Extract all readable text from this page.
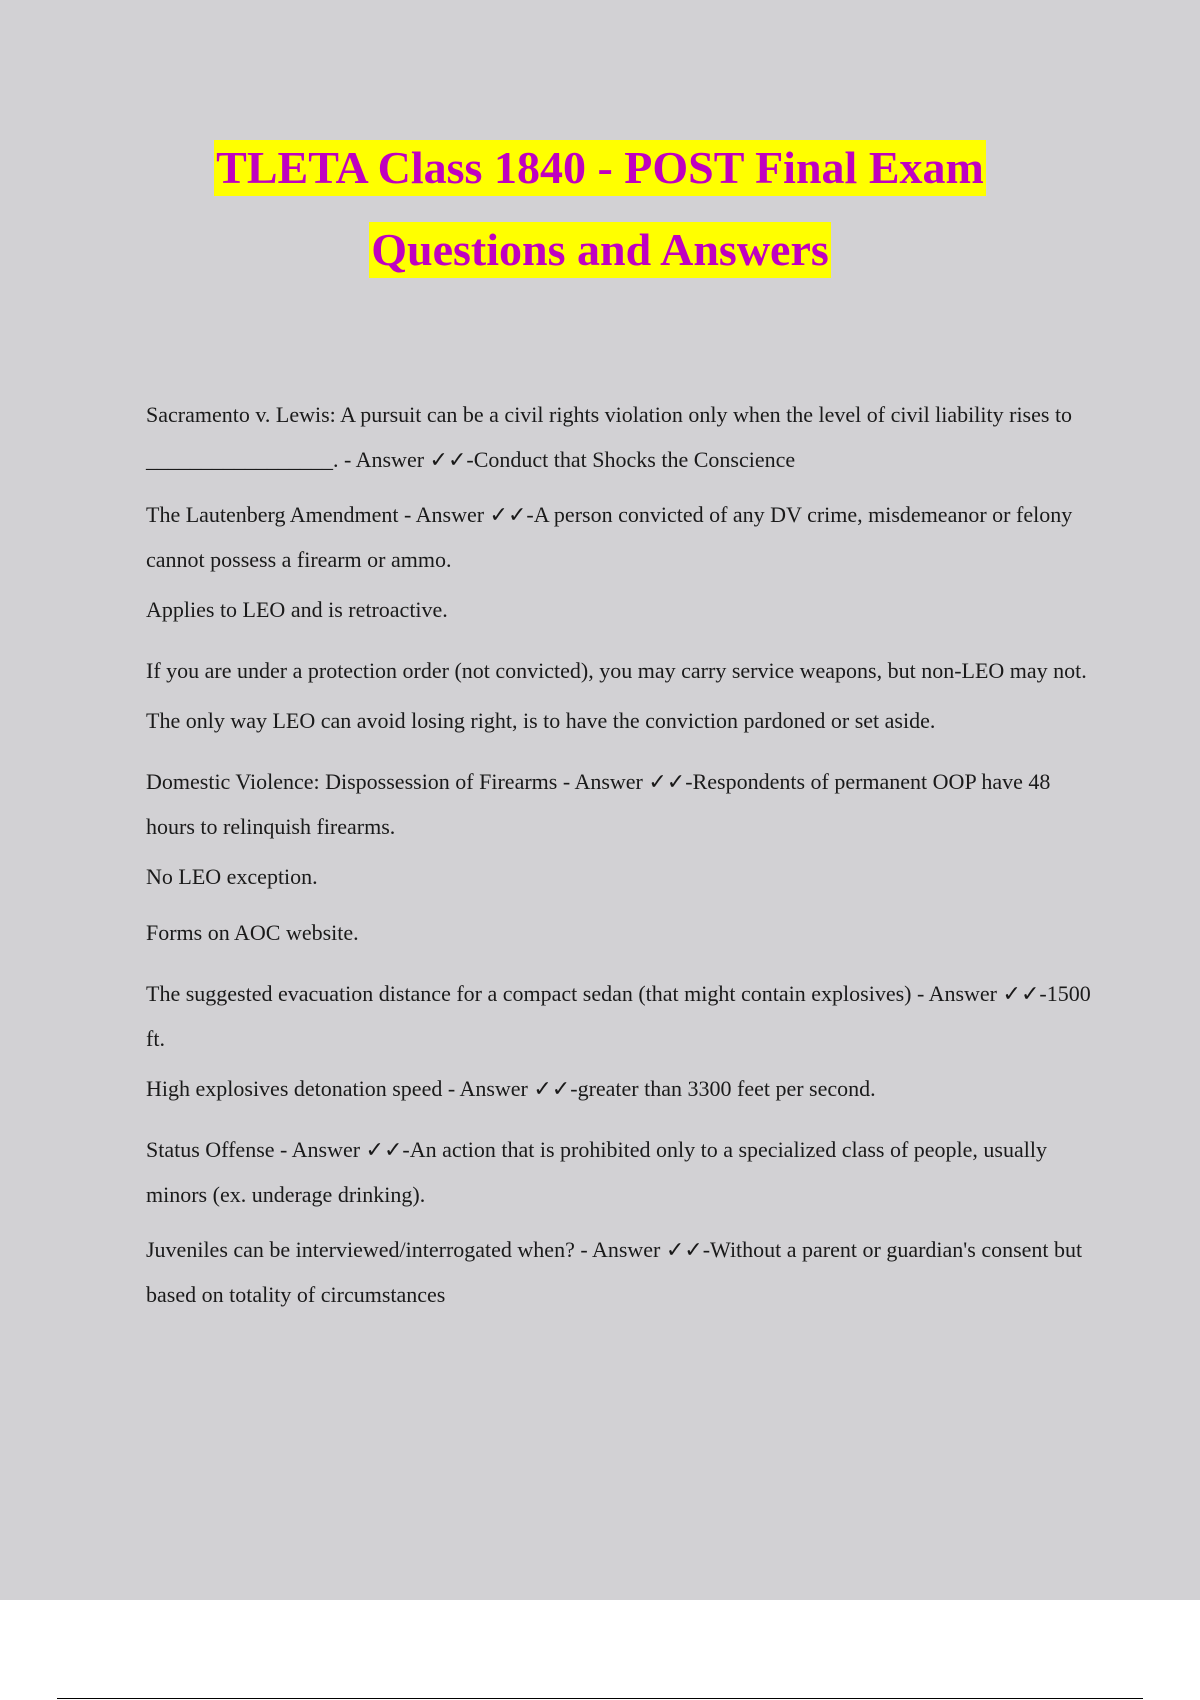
TLETA Class 1840 - POST Final Exam
Questions and Answers

Sacramento v. Lewis: A pursuit can be a civil rights violation only when the level of civil liability rises to _________________. - Answer ✓✓-Conduct that Shocks the Conscience

The Lautenberg Amendment - Answer ✓✓-A person convicted of any DV crime, misdemeanor or felony cannot possess a firearm or ammo.

Applies to LEO and is retroactive.

If you are under a protection order (not convicted), you may carry service weapons, but non-LEO may not.

The only way LEO can avoid losing right, is to have the conviction pardoned or set aside.

Domestic Violence: Dispossession of Firearms - Answer ✓✓-Respondents of permanent OOP have 48 hours to relinquish firearms.

No LEO exception.

Forms on AOC website.

The suggested evacuation distance for a compact sedan (that might contain explosives) - Answer ✓✓-1500 ft.

High explosives detonation speed - Answer ✓✓-greater than 3300 feet per second.

Status Offense - Answer ✓✓-An action that is prohibited only to a specialized class of people, usually minors (ex. underage drinking).

Juveniles can be interviewed/interrogated when? - Answer ✓✓-Without a parent or guardian's consent but based on totality of circumstances
